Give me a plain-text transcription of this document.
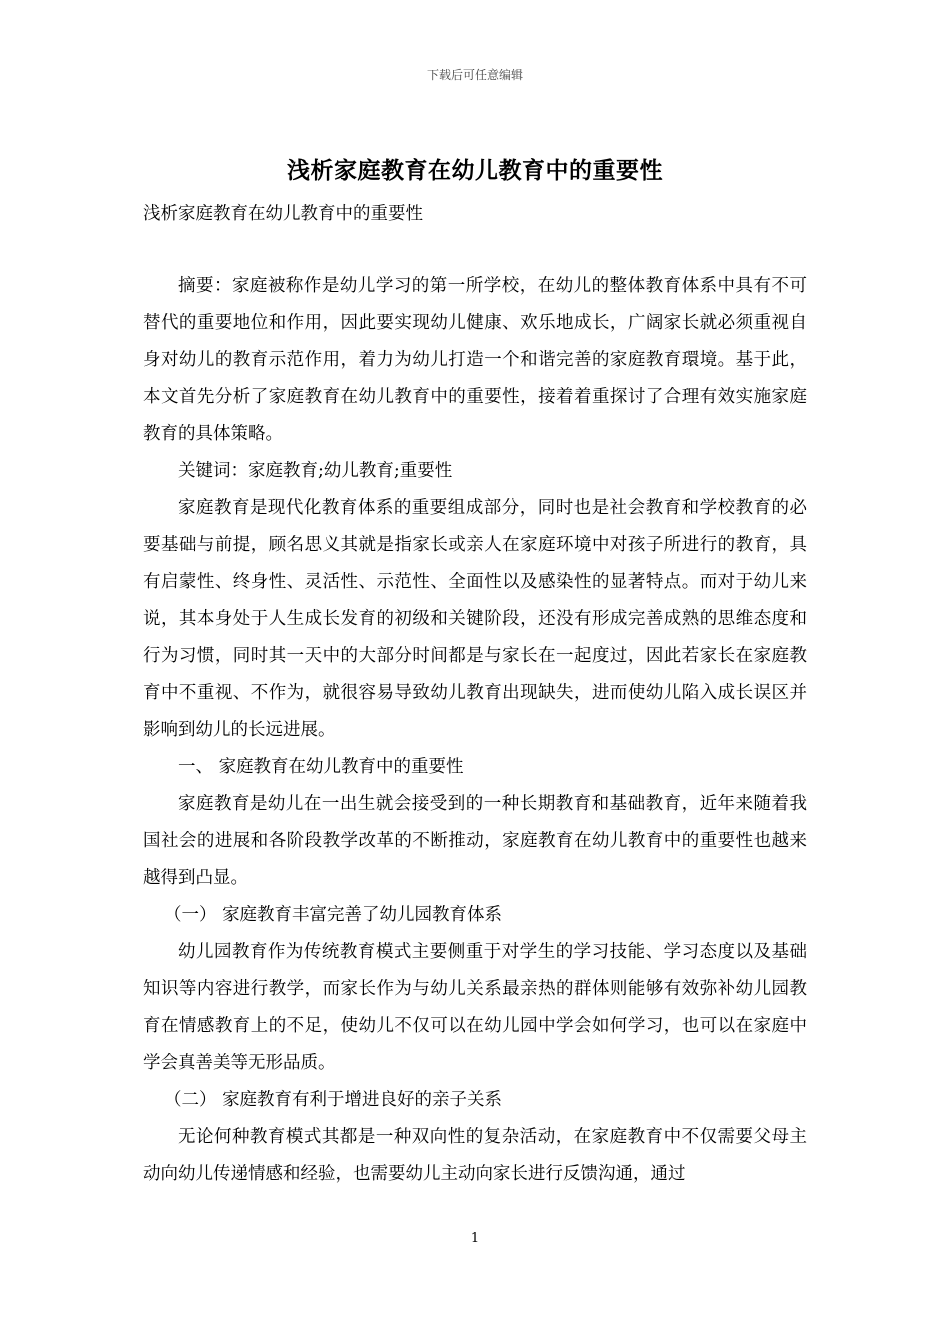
下载后可任意编辑
浅析家庭教育在幼儿教育中的重要性
浅析家庭教育在幼儿教育中的重要性

摘要：家庭被称作是幼儿学习的第一所学校，在幼儿的整体教育体系中具有不可替代的重要地位和作用，因此要实现幼儿健康、欢乐地成长，广阔家长就必须重视自身对幼儿的教育示范作用，着力为幼儿打造一个和谐完善的家庭教育環境。基于此，本文首先分析了家庭教育在幼儿教育中的重要性，接着着重探讨了合理有效实施家庭教育的具体策略。

关键词：家庭教育;幼儿教育;重要性

家庭教育是现代化教育体系的重要组成部分，同时也是社会教育和学校教育的必要基础与前提，顾名思义其就是指家长或亲人在家庭环境中对孩子所进行的教育，具有启蒙性、终身性、灵活性、示范性、全面性以及感染性的显著特点。而对于幼儿来说，其本身处于人生成长发育的初级和关键阶段，还没有形成完善成熟的思维态度和行为习惯，同时其一天中的大部分时间都是与家长在一起度过，因此若家长在家庭教育中不重视、不作为，就很容易导致幼儿教育出现缺失，进而使幼儿陷入成长误区并影响到幼儿的长远进展。

一、 家庭教育在幼儿教育中的重要性

家庭教育是幼儿在一出生就会接受到的一种长期教育和基础教育，近年来随着我国社会的进展和各阶段教学改革的不断推动，家庭教育在幼儿教育中的重要性也越来越得到凸显。

（一） 家庭教育丰富完善了幼儿园教育体系

幼儿园教育作为传统教育模式主要侧重于对学生的学习技能、学习态度以及基础知识等内容进行教学，而家长作为与幼儿关系最亲热的群体则能够有效弥补幼儿园教育在情感教育上的不足，使幼儿不仅可以在幼儿园中学会如何学习，也可以在家庭中学会真善美等无形品质。

（二） 家庭教育有利于增进良好的亲子关系

无论何种教育模式其都是一种双向性的复杂活动，在家庭教育中不仅需要父母主动向幼儿传递情感和经验，也需要幼儿主动向家长进行反馈沟通，通过

1
